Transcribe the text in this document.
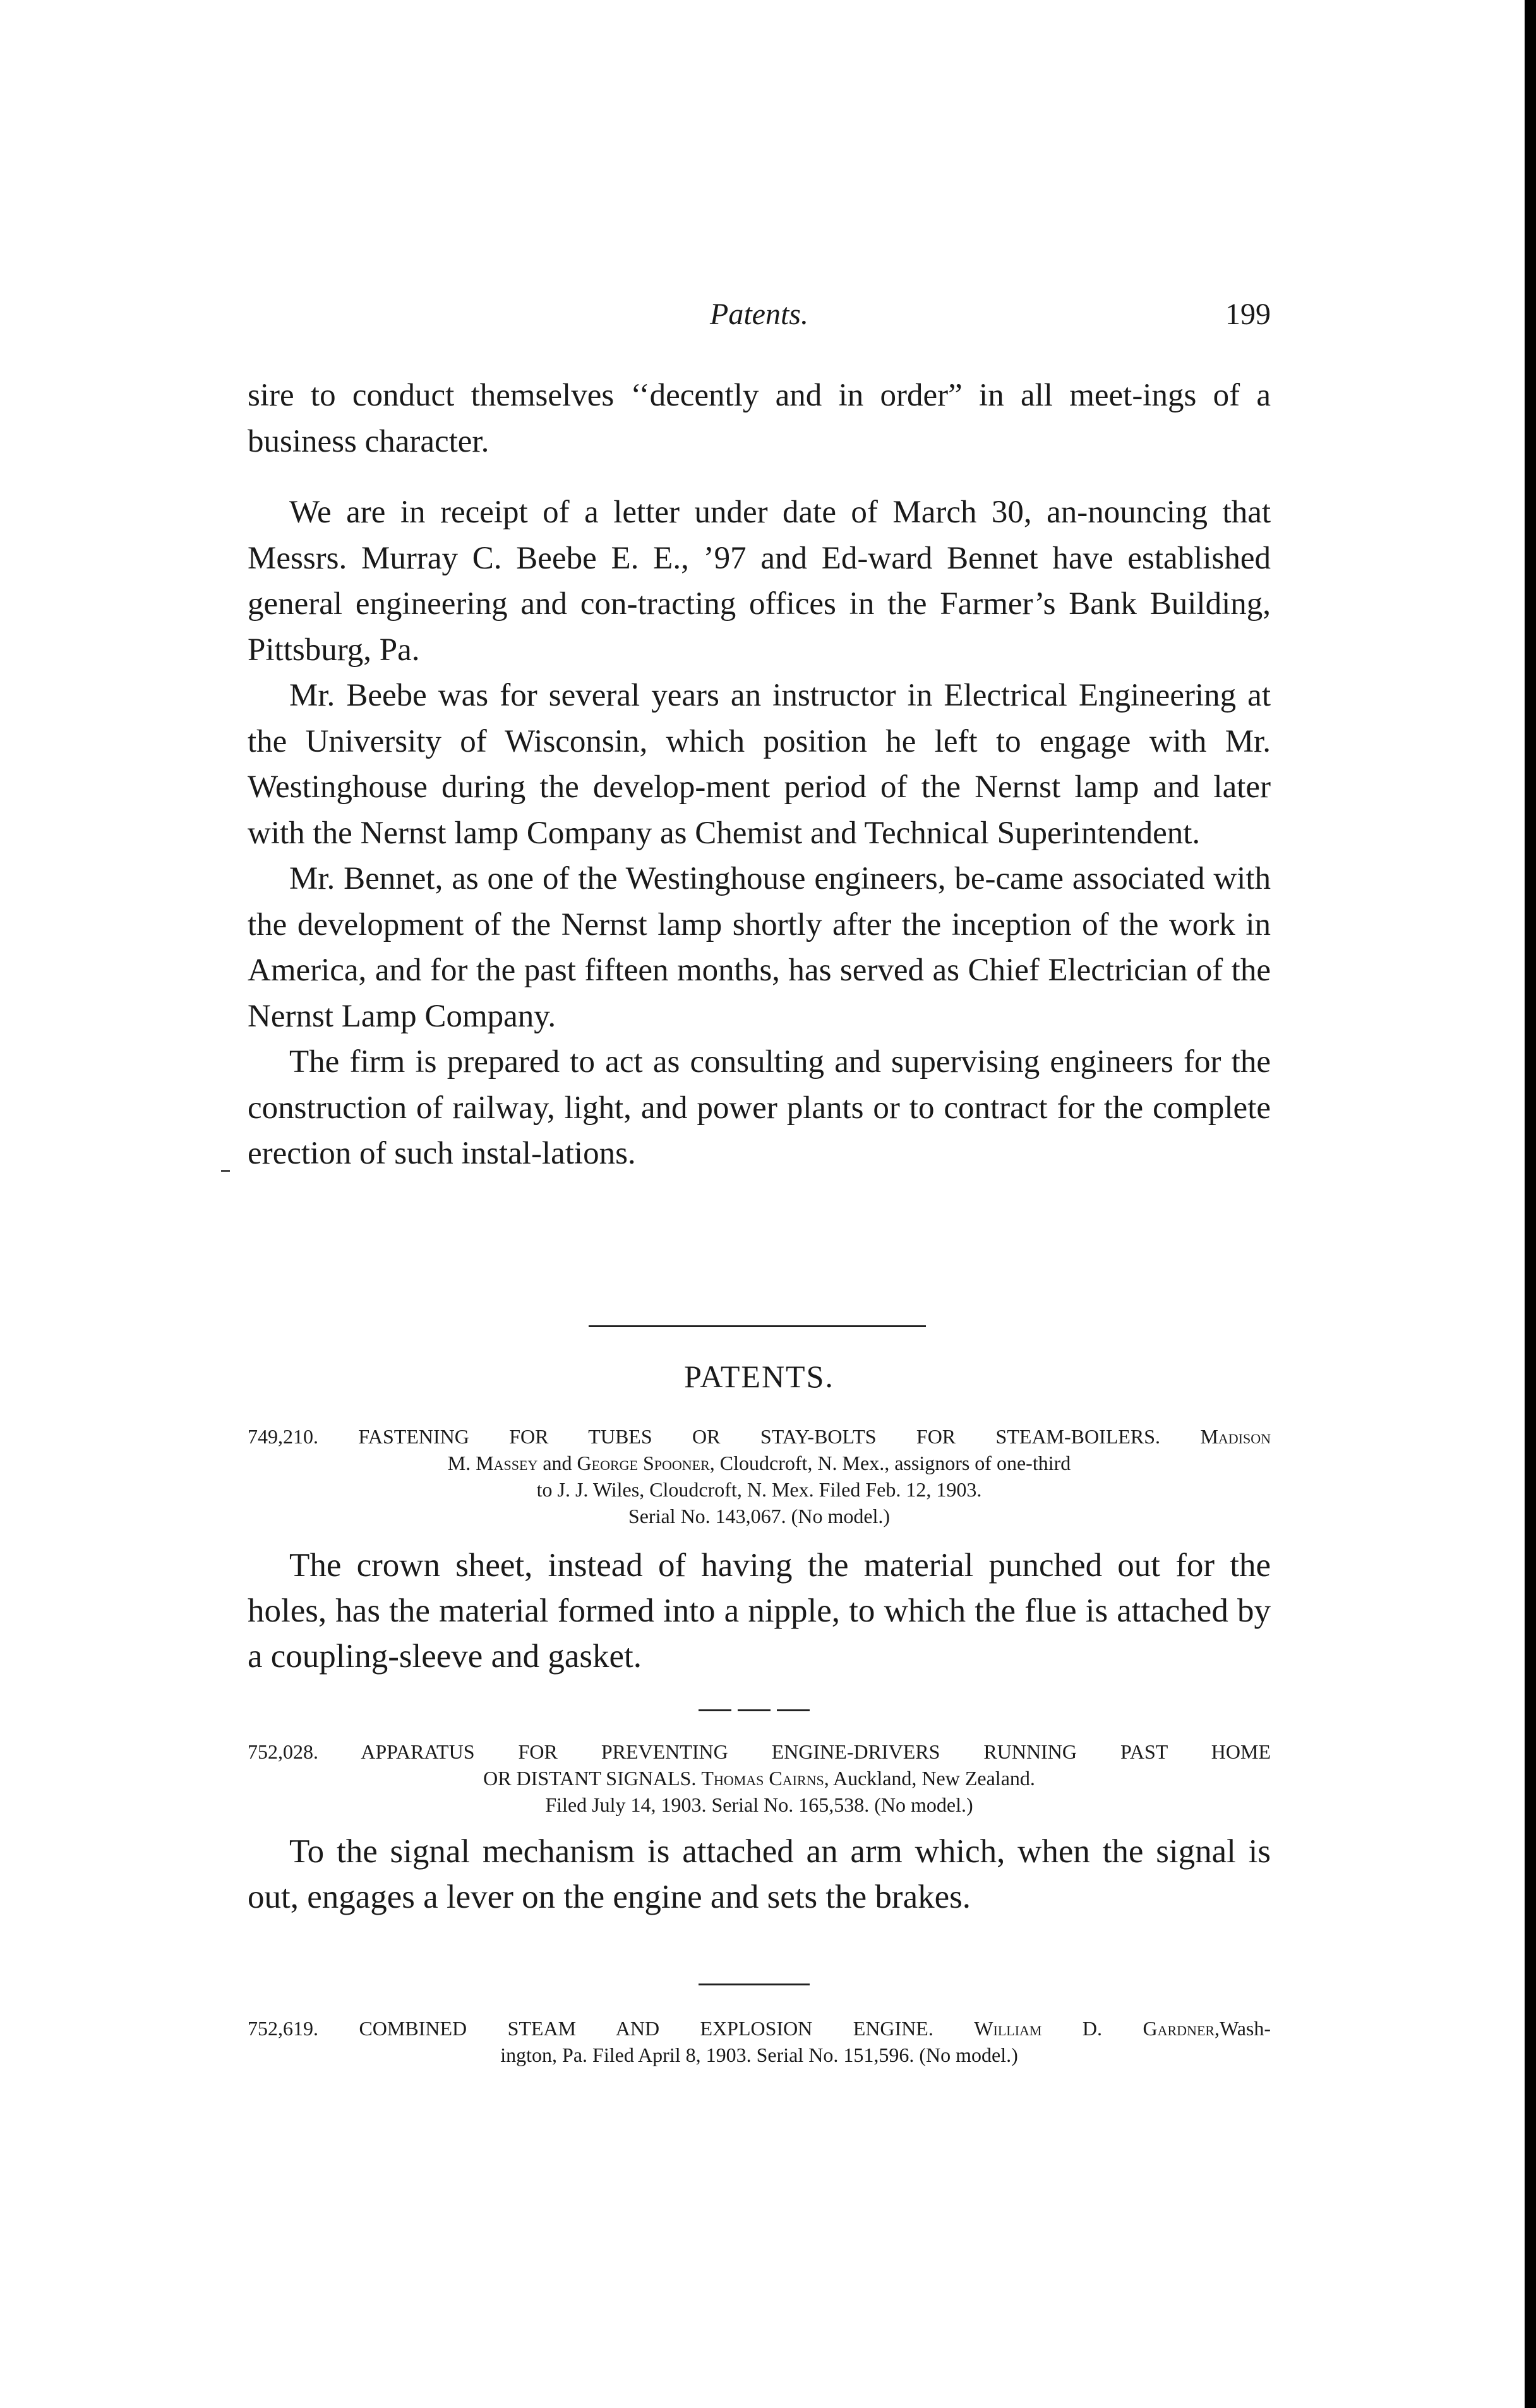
Patents.	199

sire to conduct themselves ‘‘decently and in order” in all meet-ings of a business character.

We are in receipt of a letter under date of March 30, an-nouncing that Messrs. Murray C. Beebe E. E., ’97 and Ed-ward Bennet have established general engineering and con-tracting offices in the Farmer’s Bank Building, Pittsburg, Pa.

Mr. Beebe was for several years an instructor in Electrical Engineering at the University of Wisconsin, which position he left to engage with Mr. Westinghouse during the develop-ment period of the Nernst lamp and later with the Nernst lamp Company as Chemist and Technical Superintendent.

Mr. Bennet, as one of the Westinghouse engineers, be-came associated with the development of the Nernst lamp shortly after the inception of the work in America, and for the past fifteen months, has served as Chief Electrician of the Nernst Lamp Company.

The firm is prepared to act as consulting and supervising engineers for the construction of railway, light, and power plants or to contract for the complete erection of such instal-lations.

PATENTS.
749,210. FASTENING FOR TUBES OR STAY-BOLTS FOR STEAM-BOILERS. Madison
M. Massey and George Spooner, Cloudcroft, N. Mex., assignors of one-third
to J. J. Wiles, Cloudcroft, N. Mex. Filed Feb. 12, 1903.
Serial No. 143,067. (No model.)

The crown sheet, instead of having the material punched out for the holes, has the material formed into a nipple, to which the flue is attached by a coupling-sleeve and gasket.

752,028. APPARATUS FOR PREVENTING ENGINE-DRIVERS RUNNING PAST HOME
OR DISTANT SIGNALS. Thomas Cairns, Auckland, New Zealand.
Filed July 14, 1903. Serial No. 165,538. (No model.)

To the signal mechanism is attached an arm which, when the signal is out, engages a lever on the engine and sets the brakes.

752,619. COMBINED STEAM AND EXPLOSION ENGINE. William D. Gardner,Wash-
ington, Pa. Filed April 8, 1903. Serial No. 151,596. (No model.)
